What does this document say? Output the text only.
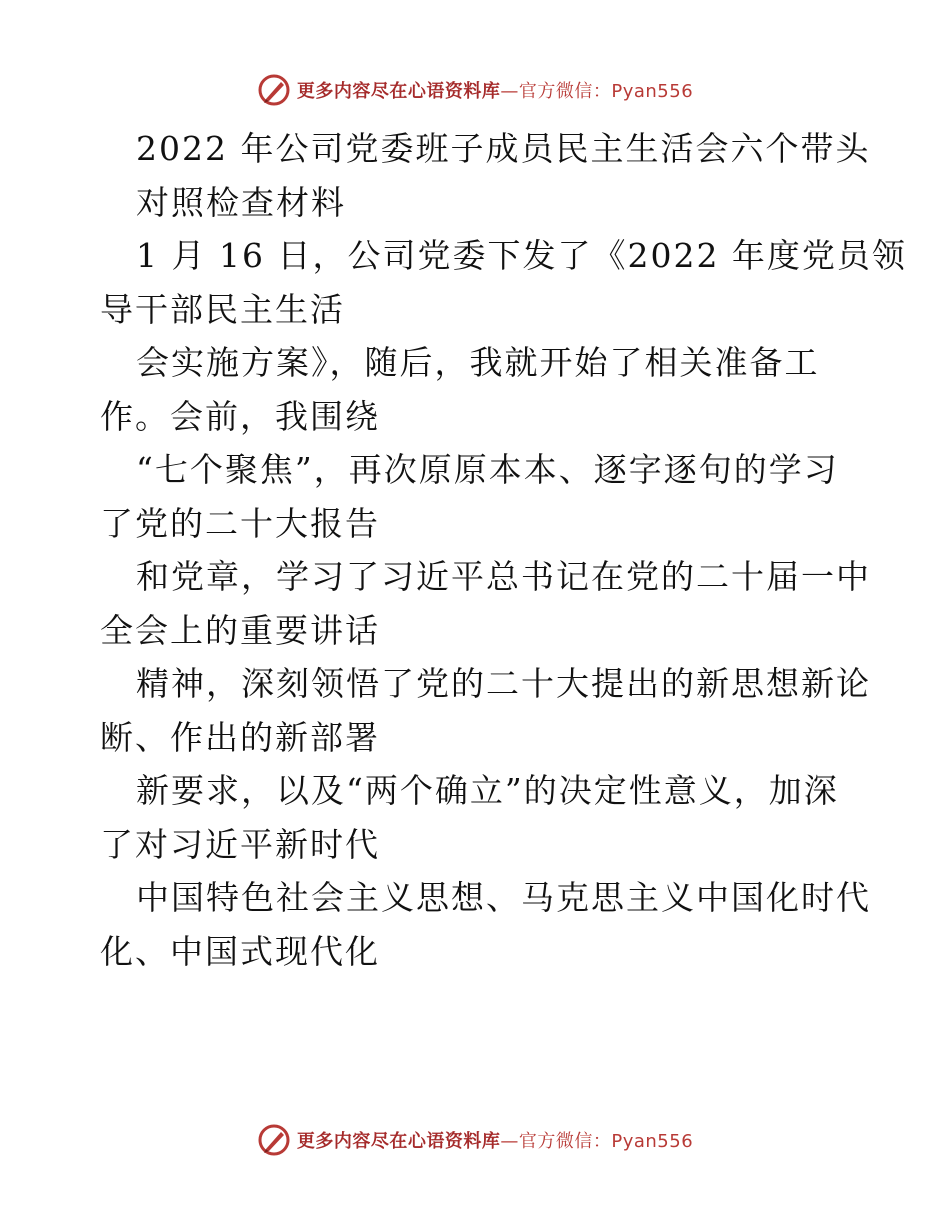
更多内容尽在心语资料库—官方微信：Pyan556
2022 年公司党委班子成员民主生活会六个带头
对照检查材料
1 月 16 日，公司党委下发了《2022 年度党员领
导干部民主生活
会实施方案》，随后，我就开始了相关准备工
作。会前，我围绕
“七个聚焦”，再次原原本本、逐字逐句的学习
了党的二十大报告
和党章，学习了习近平总书记在党的二十届一中
全会上的重要讲话
精神，深刻领悟了党的二十大提出的新思想新论
断、作出的新部署
新要求，以及“两个确立”的决定性意义，加深
了对习近平新时代
中国特色社会主义思想、马克思主义中国化时代
化、中国式现代化
更多内容尽在心语资料库—官方微信：Pyan556
